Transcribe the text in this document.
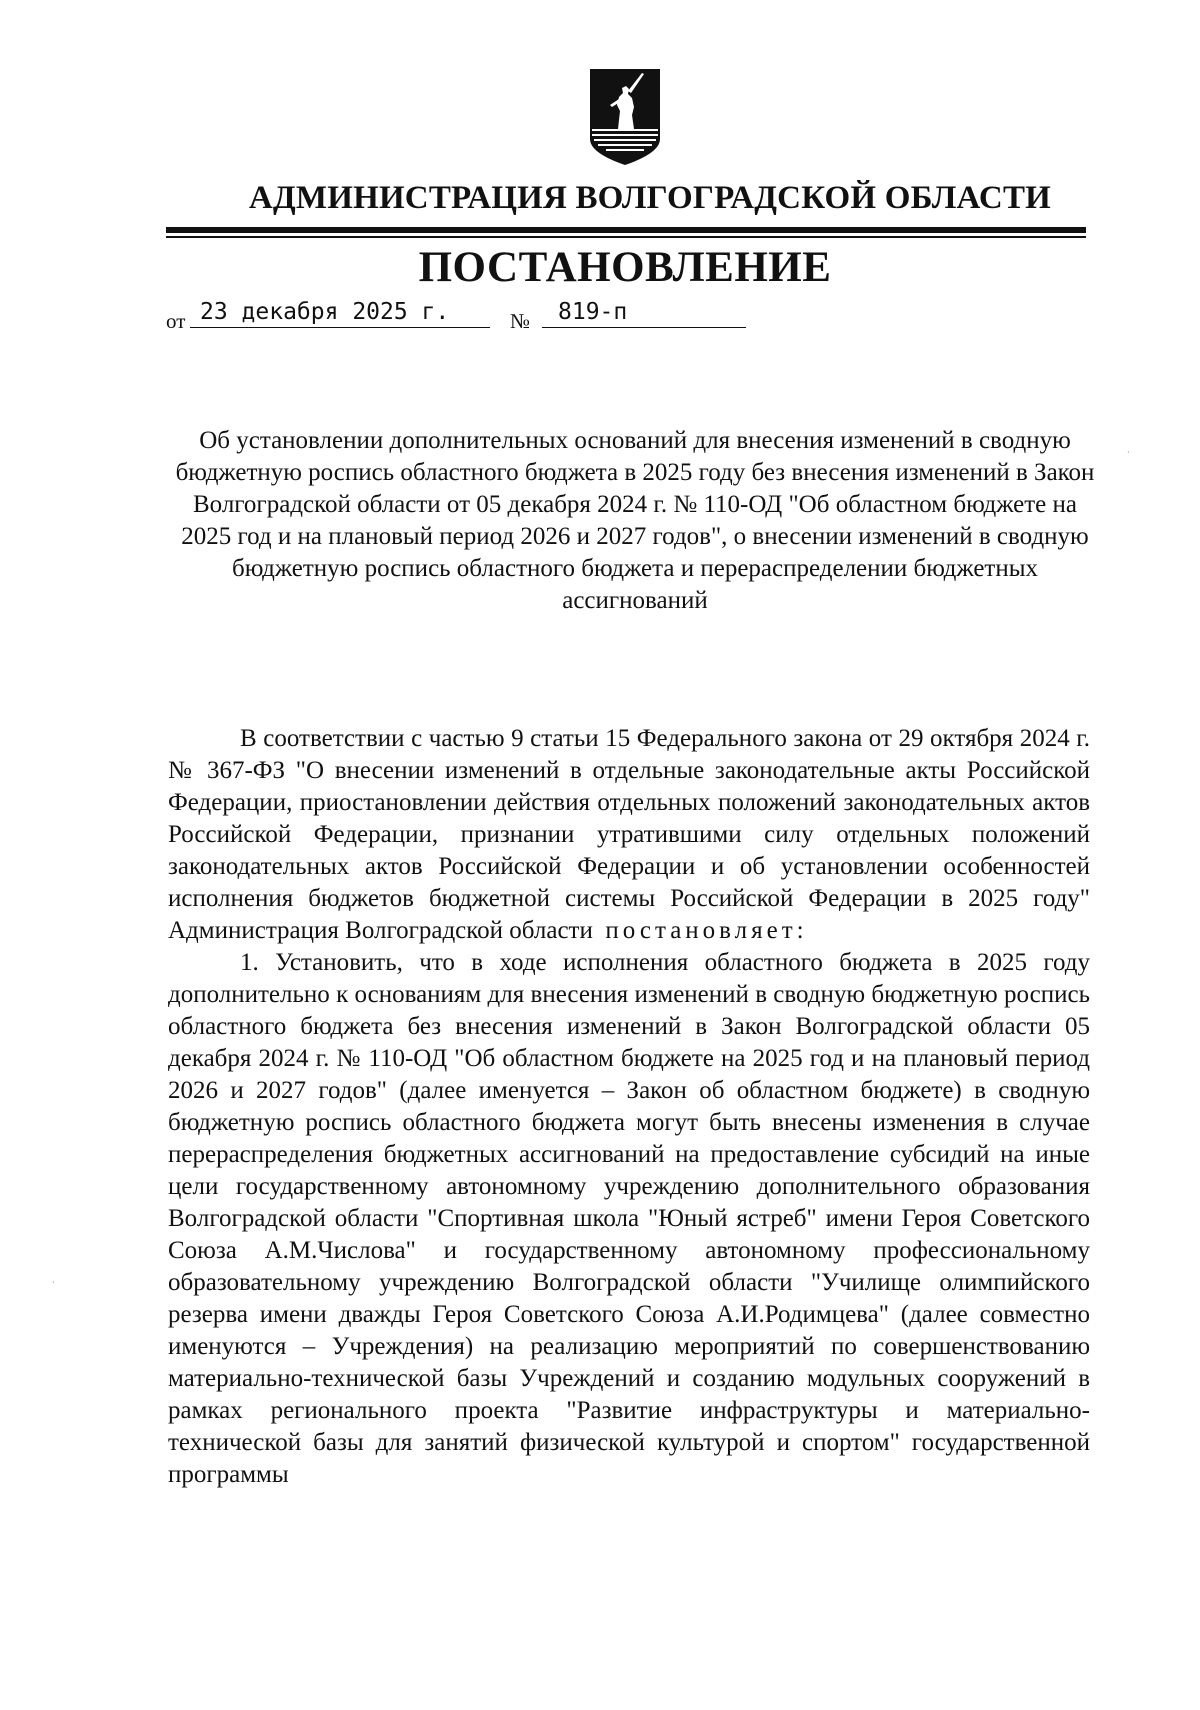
АДМИНИСТРАЦИЯ ВОЛГОГРАДСКОЙ ОБЛАСТИ
ПОСТАНОВЛЕНИЕ
от 23 декабря 2025 г.	№	819-п

Об установлении дополнительных оснований для внесения изменений в сводную бюджетную роспись областного бюджета в 2025 году без внесения изменений в Закон Волгоградской области от 05 декабря 2024 г. № 110-ОД "Об областном бюджете на 2025 год и на плановый период 2026 и 2027 годов", о внесении изменений в сводную бюджетную роспись областного бюджета и перераспределении бюджетных ассигнований

В соответствии с частью 9 статьи 15 Федерального закона от 29 октября 2024 г. № 367-ФЗ "О внесении изменений в отдельные законодательные акты Российской Федерации, приостановлении действия отдельных положений законодательных актов Российской Федерации, признании утратившими силу отдельных положений законодательных актов Российской Федерации и об установлении особенностей исполнения бюджетов бюджетной системы Российской Федерации в 2025 году" Администрация Волгоградской области постановляет:

1. Установить, что в ходе исполнения областного бюджета в 2025 году дополнительно к основаниям для внесения изменений в сводную бюджетную роспись областного бюджета без внесения изменений в Закон Волгоградской области 05 декабря 2024 г. № 110-ОД "Об областном бюджете на 2025 год и на плановый период 2026 и 2027 годов" (далее именуется – Закон об областном бюджете) в сводную бюджетную роспись областного бюджета могут быть внесены изменения в случае перераспределения бюджетных ассигнований на предоставление субсидий на иные цели государственному автономному учреждению дополнительного образования Волгоградской области "Спортивная школа "Юный ястреб" имени Героя Советского Союза А.М.Числова" и государственному автономному профессиональному образовательному учреждению Волгоградской области "Училище олимпийского резерва имени дважды Героя Советского Союза А.И.Родимцева" (далее совместно именуются – Учреждения) на реализацию мероприятий по совершенствованию материально-технической базы Учреждений и созданию модульных сооружений в рамках регионального проекта "Развитие инфраструктуры и материально-технической базы для занятий физической культурой и спортом" государственной программы

·
·
